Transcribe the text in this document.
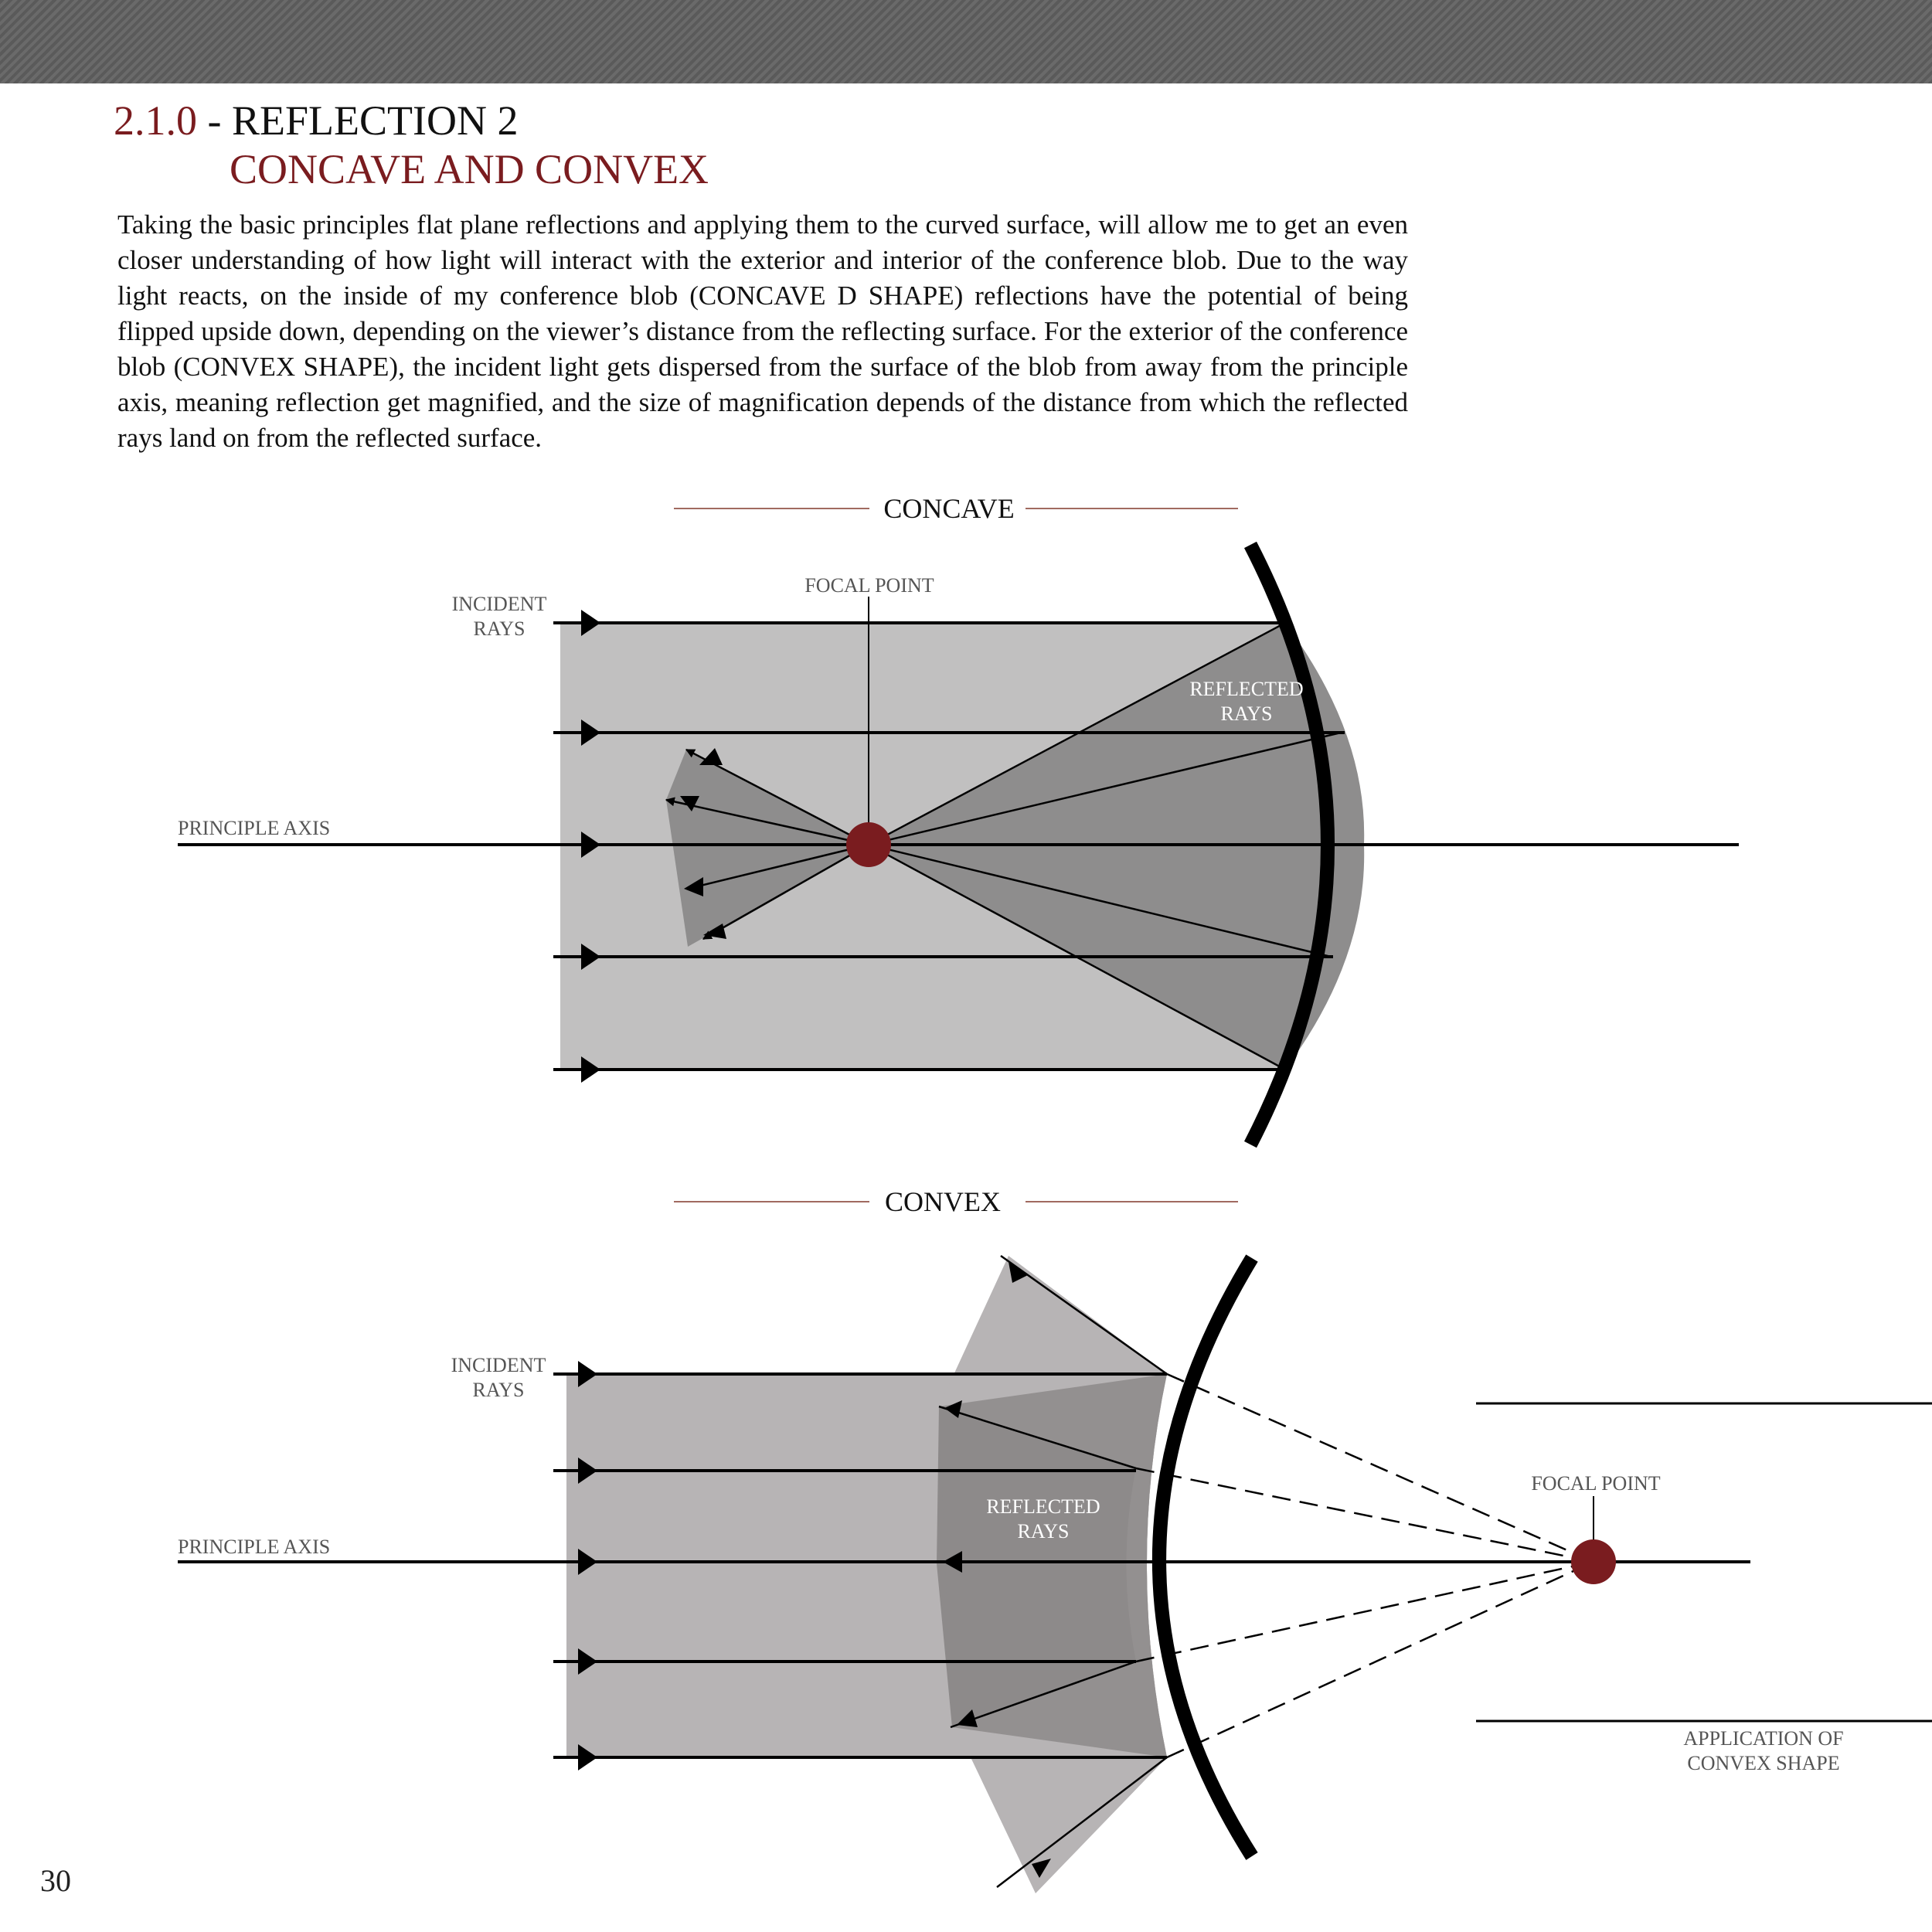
2.1.0 - REFLECTION 2
CONCAVE AND CONVEX

Taking the basic principles flat plane reflections and applying them to the curved surface, will allow me to get an even closer understanding of how light will interact with the exterior and interior of the conference blob. Due to the way light reacts, on the inside of my conference blob (CONCAVE D SHAPE) reflections have the potential of being flipped upside down, depending on the viewer’s distance from the reflecting surface. For the exterior of the conference blob (CONVEX SHAPE), the incident light gets dispersed from the surface of the blob from away from the principle axis, meaning reflection get magnified, and the size of magnification depends of the distance from which the reflected rays land on from the reflected surface.

CONCAVE
INCIDENT
RAYS
FOCAL POINT
REFLECTED
RAYS
PRINCIPLE AXIS
CONVEX
INCIDENT
RAYS
REFLECTED
RAYS
PRINCIPLE AXIS
FOCAL POINT
APPLICATION OF
CONVEX SHAPE
30
